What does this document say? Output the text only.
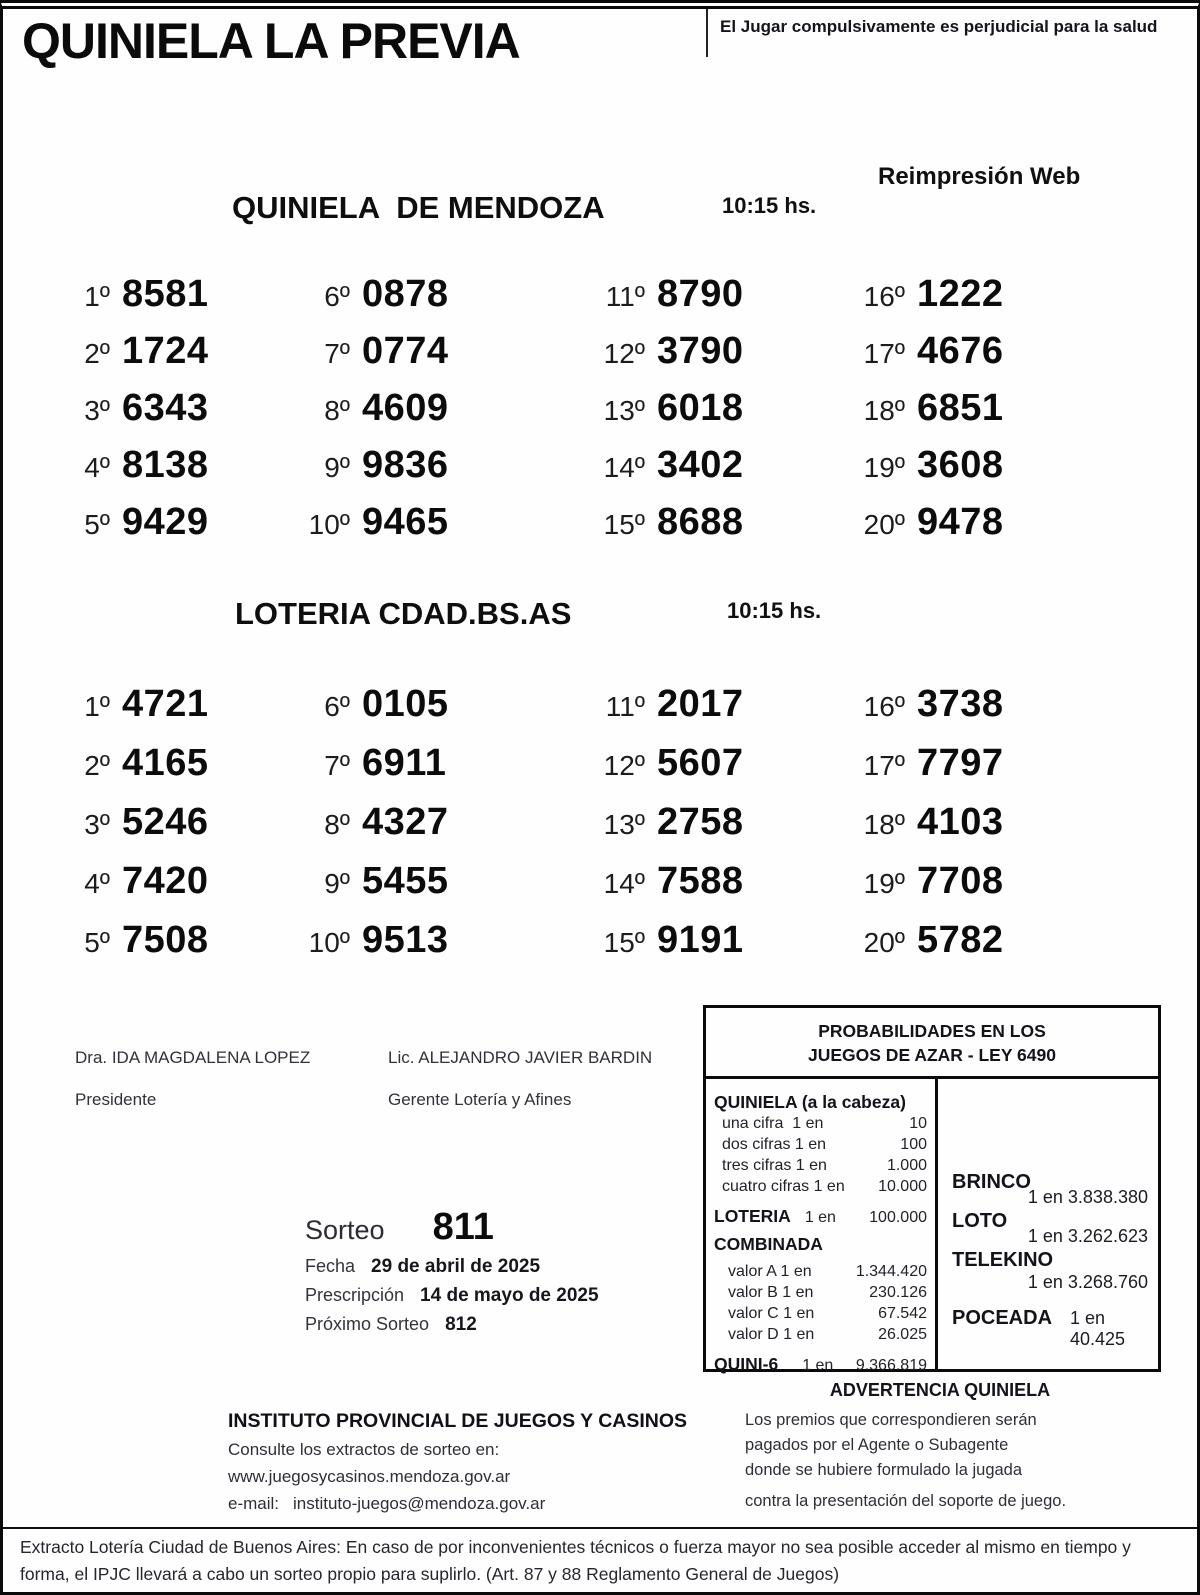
QUINIELA LA PREVIA	El Jugar compulsivamente es perjudicial para la salud
QUINIELA  DE MENDOZA	10:15 hs.
Reimpresión Web
1º 8581
2º 1724
3º 6343
4º 8138
5º 9429
6º 0878
7º 0774
8º 4609
9º 9836
10º 9465
11º 8790
12º 3790
13º 6018
14º 3402
15º 8688
16º 1222
17º 4676
18º 6851
19º 3608
20º 9478
LOTERIA CDAD.BS.AS	10:15 hs.
1º 4721
2º 4165
3º 5246
4º 7420
5º 7508
6º 0105
7º 6911
8º 4327
9º 5455
10º 9513
11º 2017
12º 5607
13º 2758
14º 7588
15º 9191
16º 3738
17º 7797
18º 4103
19º 7708
20º 5782
Dra. IDA MAGDALENA LOPEZ
Presidente
Lic. ALEJANDRO JAVIER BARDIN
Gerente Lotería y Afines
Sorteo 811
Fecha 29 de abril de 2025
Prescripción 14 de mayo de 2025
Próximo Sorteo 812
PROBABILIDADES EN LOS
JUEGOS DE AZAR - LEY 6490
QUINIELA (a la cabeza)
una cifra  1 en	10
dos cifras 1 en	100
tres cifras 1 en	1.000
cuatro cifras 1 en 10.000
LOTERIA 1 en 100.000
COMBINADA
valor A 1 en	1.344.420
valor B 1 en	230.126
valor C 1 en	67.542
valor D 1 en	26.025
QUINI-6 1 en 9.366.819
BRINCO
1 en 3.838.380
LOTO
1 en 3.262.623
TELEKINO
1 en 3.268.760
POCEADA 1 en 40.425
ADVERTENCIA QUINIELA
Los premios que correspondieren serán
pagados por el Agente o Subagente
donde se hubiere formulado la jugada
contra la presentación del soporte de juego.
INSTITUTO PROVINCIAL DE JUEGOS Y CASINOS
Consulte los extractos de sorteo en:
www.juegosycasinos.mendoza.gov.ar
e-mail: instituto-juegos@mendoza.gov.ar
Extracto Lotería Ciudad de Buenos Aires: En caso de por inconvenientes técnicos o fuerza mayor no sea posible acceder al mismo en tiempo y
forma, el IPJC llevará a cabo un sorteo propio para suplirlo. (Art. 87 y 88 Reglamento General de Juegos)
